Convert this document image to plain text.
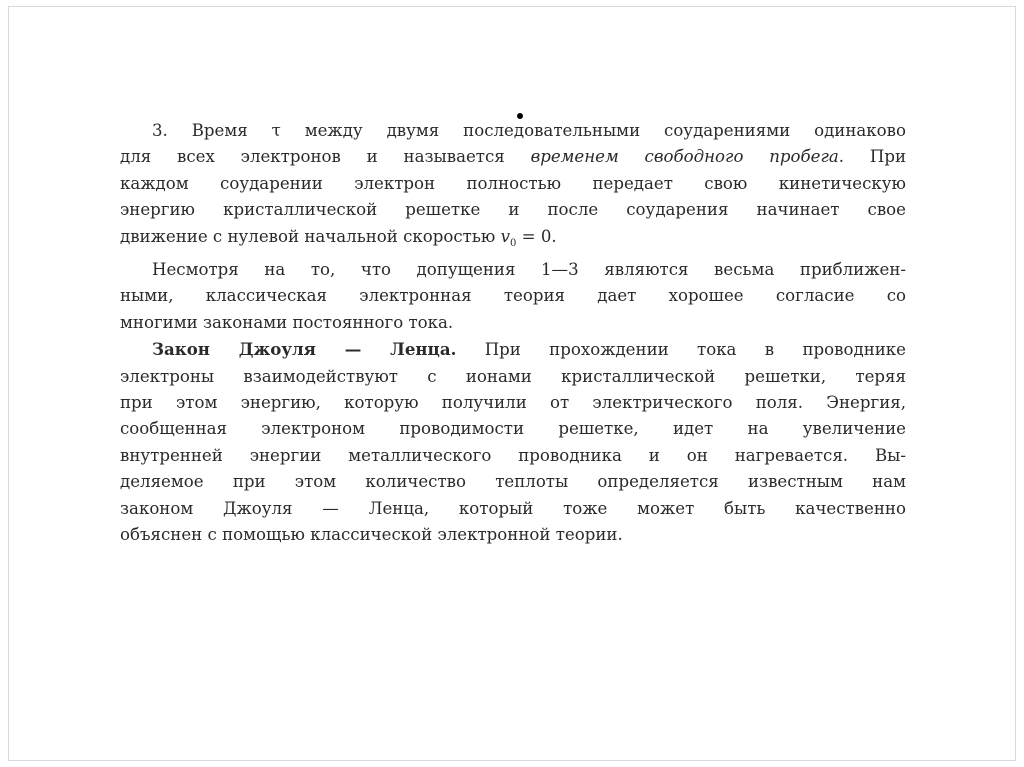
3. Время τ между двумя последовательными соударениями одинаково
для всех электронов и называется временем свободного пробега. При
каждом соударении электрон полностью передает свою кинетическую
энергию кристаллической решетке и после соударения начинает свое
движение с нулевой начальной скоростью $v_0 = 0$.
Несмотря на то, что допущения 1—3 являются весьма приближен-
ными, классическая электронная теория дает хорошее согласие со
многими законами постоянного тока.
Закон Джоуля — Ленца. При прохождении тока в проводнике
электроны взаимодействуют с ионами кристаллической решетки, теряя
при этом энергию, которую получили от электрического поля. Энергия,
сообщенная электроном проводимости решетке, идет на увеличение
внутренней энергии металлического проводника и он нагревается. Вы-
деляемое при этом количество теплоты определяется известным нам
законом Джоуля — Ленца, который тоже может быть качественно
объяснен с помощью классической электронной теории.
